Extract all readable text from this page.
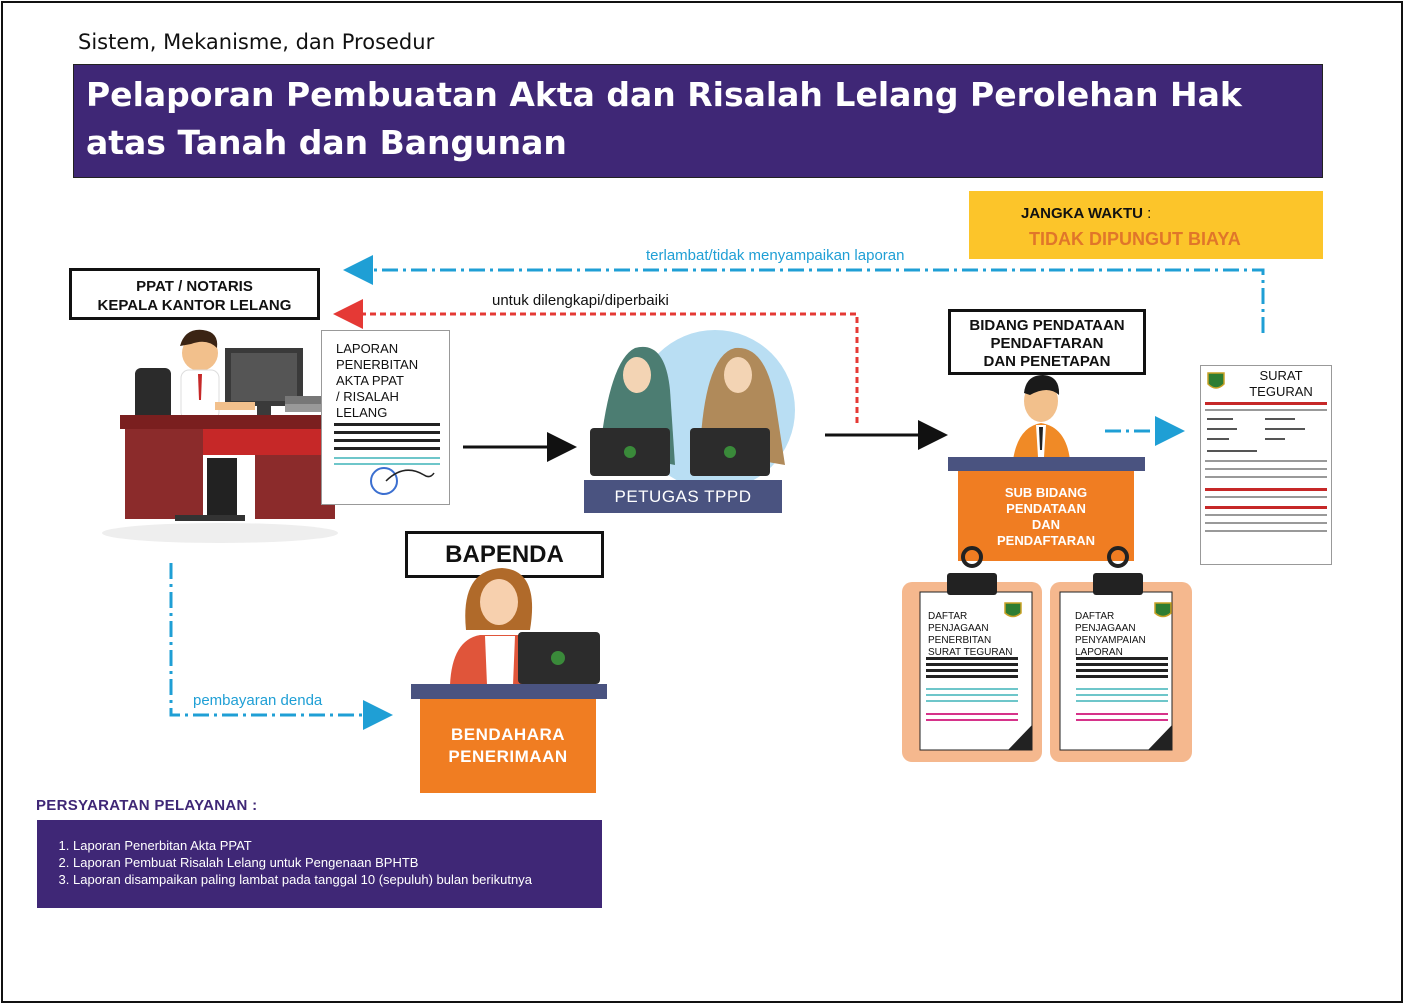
Sistem, Mekanisme, dan Prosedur
Pelaporan Pembuatan Akta dan Risalah Lelang Perolehan Hak atas Tanah dan Bangunan
JANGKA WAKTU :
TIDAK DIPUNGUT BIAYA
terlambat/tidak menyampaikan laporan
untuk dilengkapi/diperbaiki
pembayaran denda
PPAT / NOTARIS
KEPALA KANTOR LELANG
LAPORAN
PENERBITAN
AKTA PPAT
/ RISALAH
LELANG
PETUGAS TPPD
BIDANG PENDATAAN
PENDAFTARAN
DAN PENETAPAN
SUB BIDANG
PENDATAAN
DAN
PENDAFTARAN
SURAT
TEGURAN
DAFTAR
PENJAGAAN
PENERBITAN
SURAT TEGURAN
DAFTAR
PENJAGAAN
PENYAMPAIAN
LAPORAN
BAPENDA
BENDAHARA
PENERIMAAN
PERSYARATAN PELAYANAN :
1. Laporan Penerbitan Akta PPAT
2. Laporan Pembuat Risalah Lelang untuk Pengenaan BPHTB
3. Laporan disampaikan paling lambat pada tanggal 10 (sepuluh) bulan berikutnya
